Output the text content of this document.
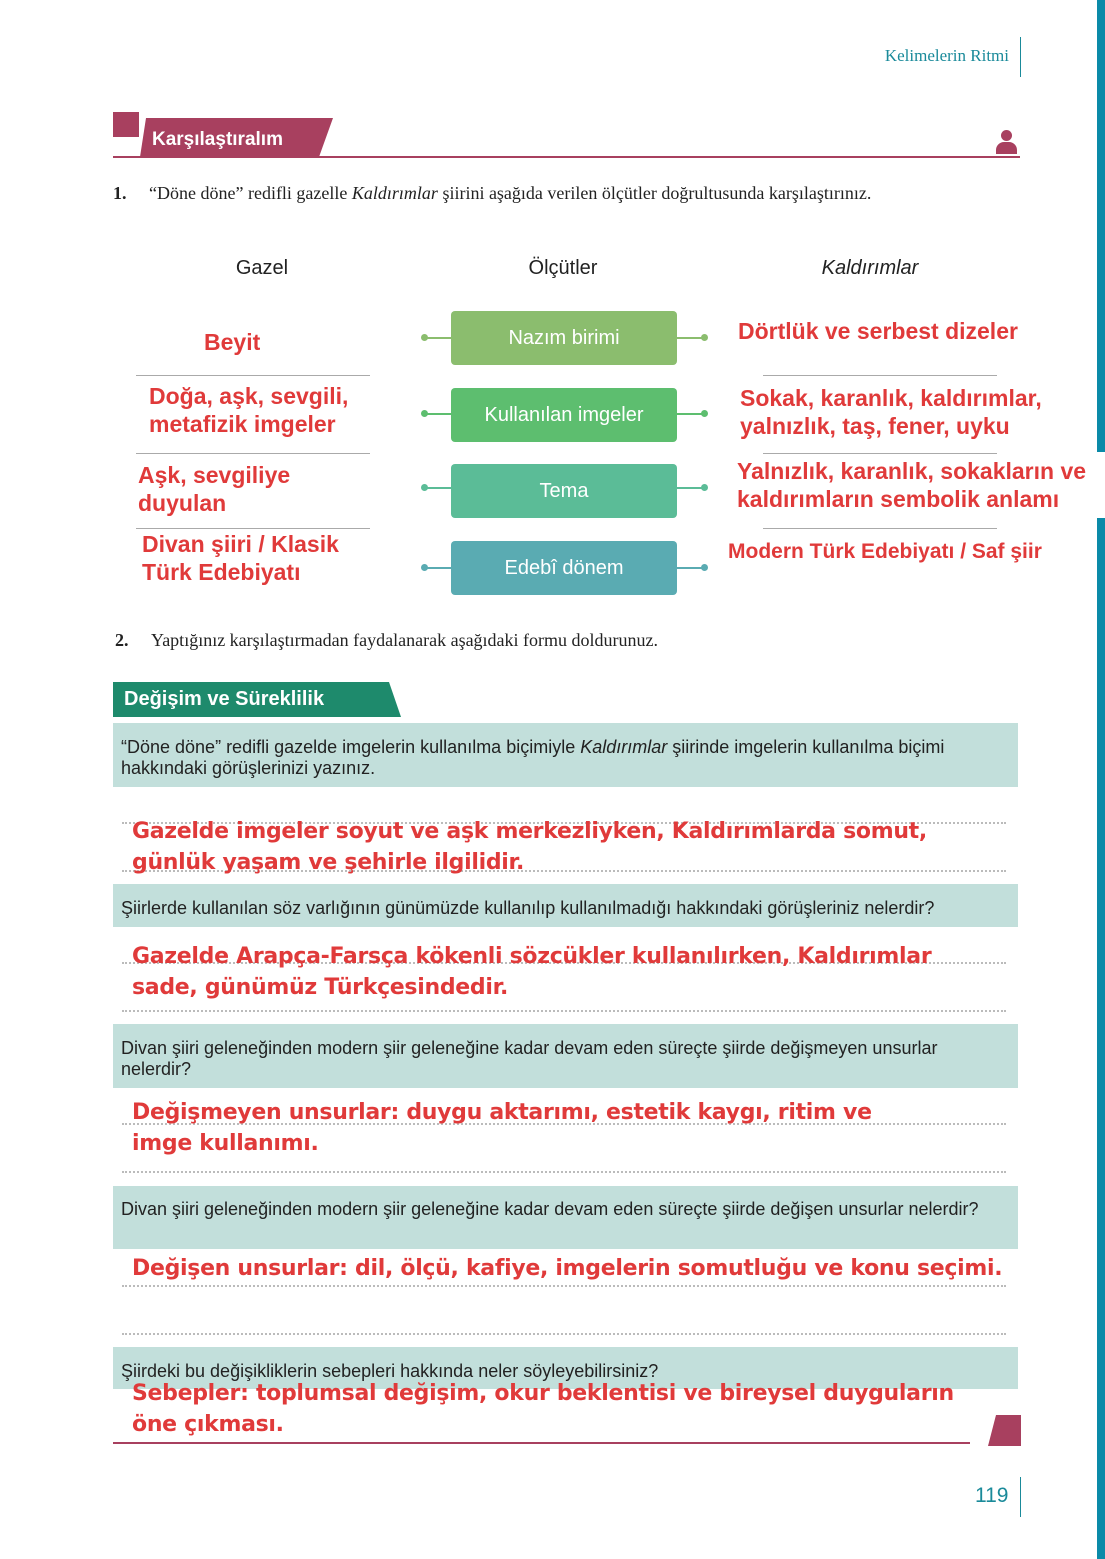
Kelimelerin Ritmi
Karşılaştıralım
1. “Döne döne” redifli gazelle Kaldırımlar şiirini aşağıda verilen ölçütler doğrultusunda karşılaştırınız.
Gazel	Ölçütler	Kaldırımlar
Nazım birimi
Kullanılan imgeler
Tema
Edebî dönem
Beyit
Doğa, aşk, sevgili, metafizik imgeler
Aşk, sevgiliye duyulan
Divan şiiri / Klasik Türk Edebiyatı
Dörtlük ve serbest dizeler
Sokak, karanlık, kaldırımlar, yalnızlık, taş, fener, uyku
Yalnızlık, karanlık, sokakların ve kaldırımların sembolik anlamı
Modern Türk Edebiyatı / Saf şiir
2. Yaptığınız karşılaştırmadan faydalanarak aşağıdaki formu doldurunuz.
Değişim ve Süreklilik
“Döne döne” redifli gazelde imgelerin kullanılma biçimiyle Kaldırımlar şiirinde imgelerin kullanılma biçimi hakkındaki görüşlerinizi yazınız.
Gazelde imgeler soyut ve aşk merkezliyken, Kaldırımlarda somut, günlük yaşam ve şehirle ilgilidir.
Şiirlerde kullanılan söz varlığının günümüzde kullanılıp kullanılmadığı hakkındaki görüşleriniz nelerdir?
Gazelde Arapça-Farsça kökenli sözcükler kullanılırken, Kaldırımlar sade, günümüz Türkçesindedir.
Divan şiiri geleneğinden modern şiir geleneğine kadar devam eden süreçte şiirde değişmeyen unsurlar nelerdir?
Değişmeyen unsurlar: duygu aktarımı, estetik kaygı, ritim ve imge kullanımı.
Divan şiiri geleneğinden modern şiir geleneğine kadar devam eden süreçte şiirde değişen unsurlar nelerdir?
Değişen unsurlar: dil, ölçü, kafiye, imgelerin somutluğu ve konu seçimi.
Şiirdeki bu değişikliklerin sebepleri hakkında neler söyleyebilirsiniz?
Sebepler: toplumsal değişim, okur beklentisi ve bireysel duyguların öne çıkması.
119
